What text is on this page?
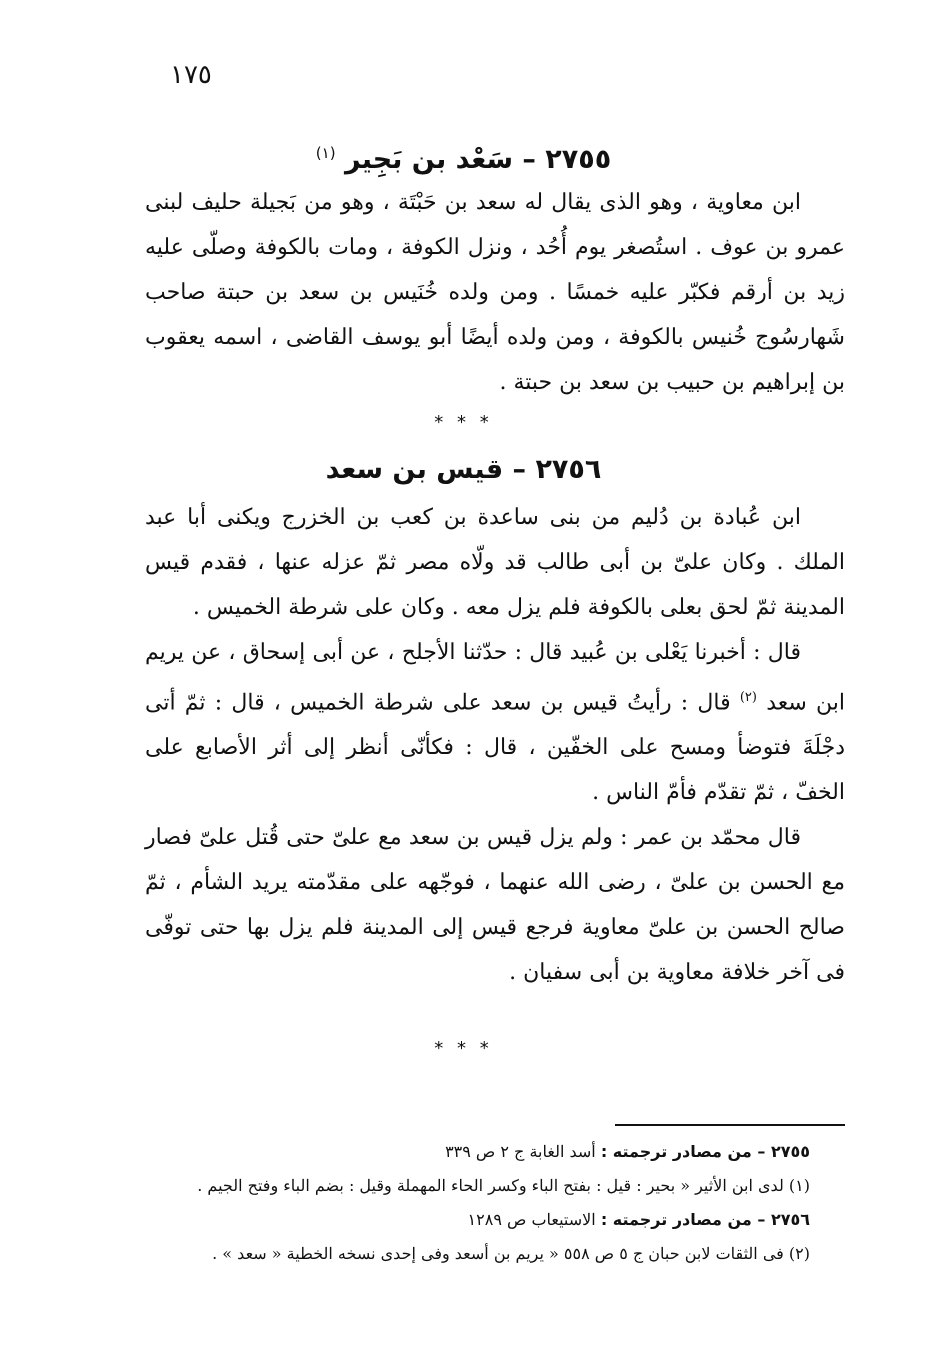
١٧٥
٢٧٥٥ – سَعْد بن بَجِير $^{(١)}$

ابن معاوية ، وهو الذى يقال له سعد بن حَبْتَة ، وهو من بَجيلة حليف لبنى عمرو بن عوف . استُصغر يوم أُحُد ، ونزل الكوفة ، ومات بالكوفة وصلّى عليه زيد بن أرقم فكبّر عليه خمسًا . ومن ولده خُنَيس بن سعد بن حبتة صاحب شَهارسُوج خُنيس بالكوفة ، ومن ولده أيضًا أبو يوسف القاضى ، اسمه يعقوب بن إبراهيم بن حبيب بن سعد بن حبتة .

* * *
٢٧٥٦ – قيس بن سعد

ابن عُبادة بن دُليم من بنى ساعدة بن كعب بن الخزرج ويكنى أبا عبد الملك . وكان علىّ بن أبى طالب قد ولّاه مصر ثمّ عزله عنها ، فقدم قيس المدينة ثمّ لحق بعلى بالكوفة فلم يزل معه . وكان على شرطة الخميس .

قال : أخبرنا يَعْلى بن عُبيد قال : حدّثنا الأجلح ، عن أبى إسحاق ، عن يريم ابن سعد $^{(٢)}$ قال : رأيتُ قيس بن سعد على شرطة الخميس ، قال : ثمّ أتى دجْلَةَ فتوضأ ومسح على الخفّين ، قال : فكأنّى أنظر إلى أثر الأصابع على الخفّ ، ثمّ تقدّم فأمّ الناس .

قال محمّد بن عمر : ولم يزل قيس بن سعد مع علىّ حتى قُتل علىّ فصار مع الحسن بن علىّ ، رضى الله عنهما ، فوجّهه على مقدّمته يريد الشأم ، ثمّ صالح الحسن بن علىّ معاوية فرجع قيس إلى المدينة فلم يزل بها حتى توفّى فى آخر خلافة معاوية بن أبى سفيان .

* * *
٢٧٥٥ – من مصادر ترجمته : أسد الغابة ج ٢ ص ٣٣٩
(١) لدى ابن الأثير « بحير : قيل : بفتح الباء وكسر الحاء المهملة وقيل : بضم الباء وفتح الجيم .
٢٧٥٦ – من مصادر ترجمته : الاستيعاب ص ١٢٨٩
(٢) فى الثقات لابن حبان ج ٥ ص ٥٥٨ « يريم بن أسعد وفى إحدى نسخه الخطية « سعد » .
